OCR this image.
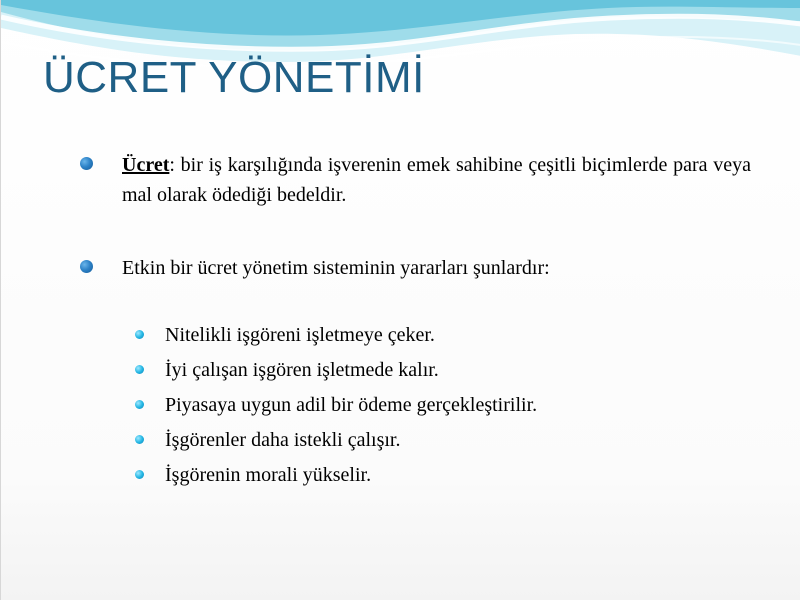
ÜCRET YÖNETİMİ
Ücret: bir iş karşılığında işverenin emek sahibine çeşitli biçimlerde para veya mal olarak ödediği bedeldir.
Etkin bir ücret yönetim sisteminin yararları şunlardır:
Nitelikli işgöreni işletmeye çeker.
İyi çalışan işgören işletmede kalır.
Piyasaya uygun adil bir ödeme gerçekleştirilir.
İşgörenler daha istekli çalışır.
İşgörenin morali yükselir.
